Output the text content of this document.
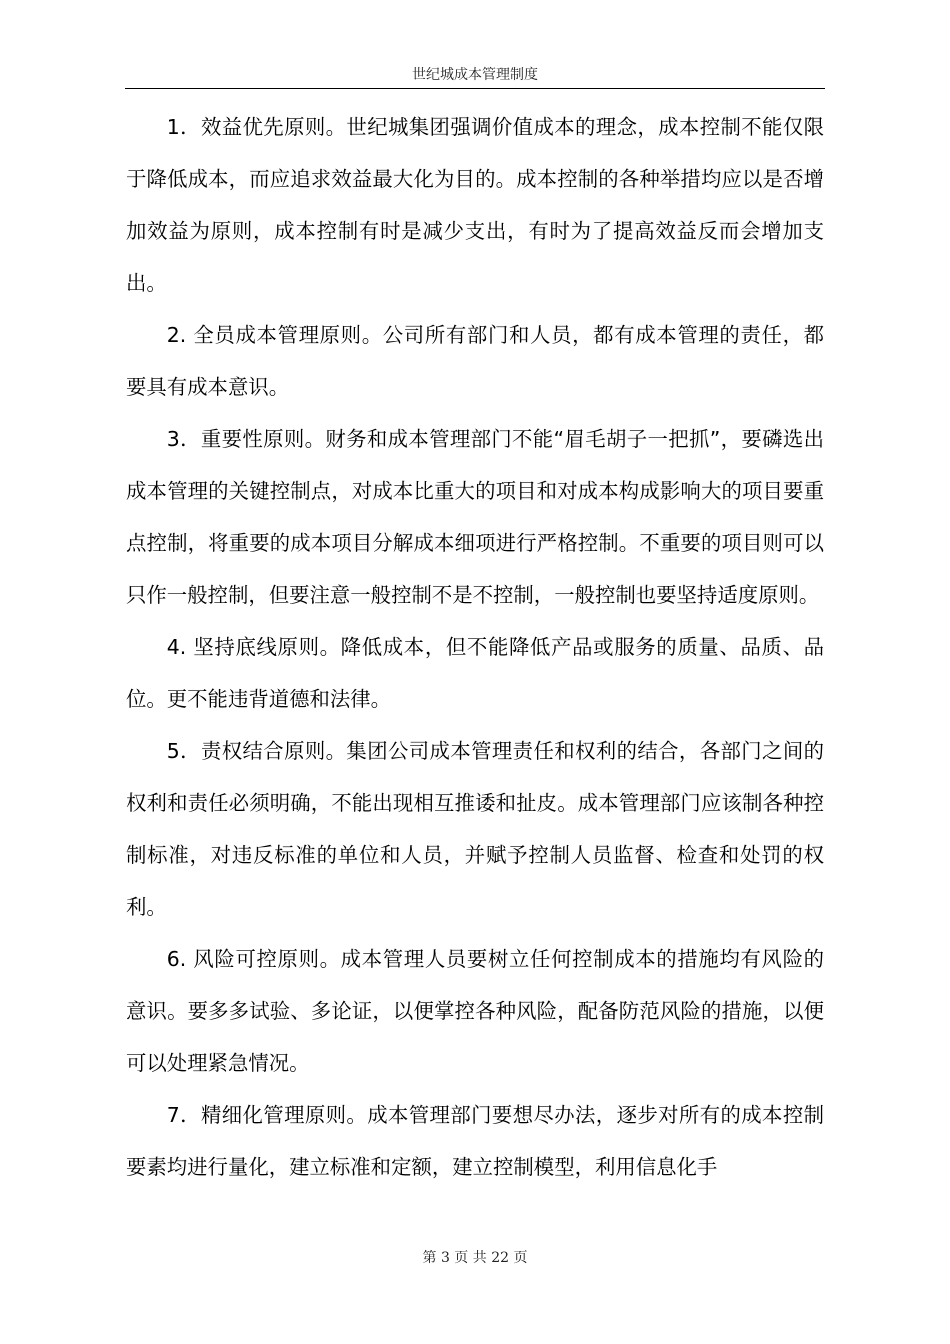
世纪城成本管理制度

1．效益优先原则。世纪城集团强调价值成本的理念，成本控制不能仅限于降低成本，而应追求效益最大化为目的。成本控制的各种举措均应以是否增加效益为原则，成本控制有时是减少支出，有时为了提高效益反而会增加支出。

2. 全员成本管理原则。公司所有部门和人员，都有成本管理的责任，都要具有成本意识。

3．重要性原则。财务和成本管理部门不能“眉毛胡子一把抓”，要磷选出成本管理的关键控制点，对成本比重大的项目和对成本构成影响大的项目要重点控制，将重要的成本项目分解成本细项进行严格控制。不重要的项目则可以只作一般控制，但要注意一般控制不是不控制，一般控制也要坚持适度原则。

4. 坚持底线原则。降低成本，但不能降低产品或服务的质量、品质、品位。更不能违背道德和法律。

5．责权结合原则。集团公司成本管理责任和权利的结合，各部门之间的权利和责任必须明确，不能出现相互推诿和扯皮。成本管理部门应该制各种控制标准，对违反标准的单位和人员，并赋予控制人员监督、检查和处罚的权利。

6. 风险可控原则。成本管理人员要树立任何控制成本的措施均有风险的意识。要多多试验、多论证，以便掌控各种风险，配备防范风险的措施，以便可以处理紧急情况。

7．精细化管理原则。成本管理部门要想尽办法，逐步对所有的成本控制要素均进行量化，建立标准和定额，建立控制模型，利用信息化手

第 3 页 共 22 页
